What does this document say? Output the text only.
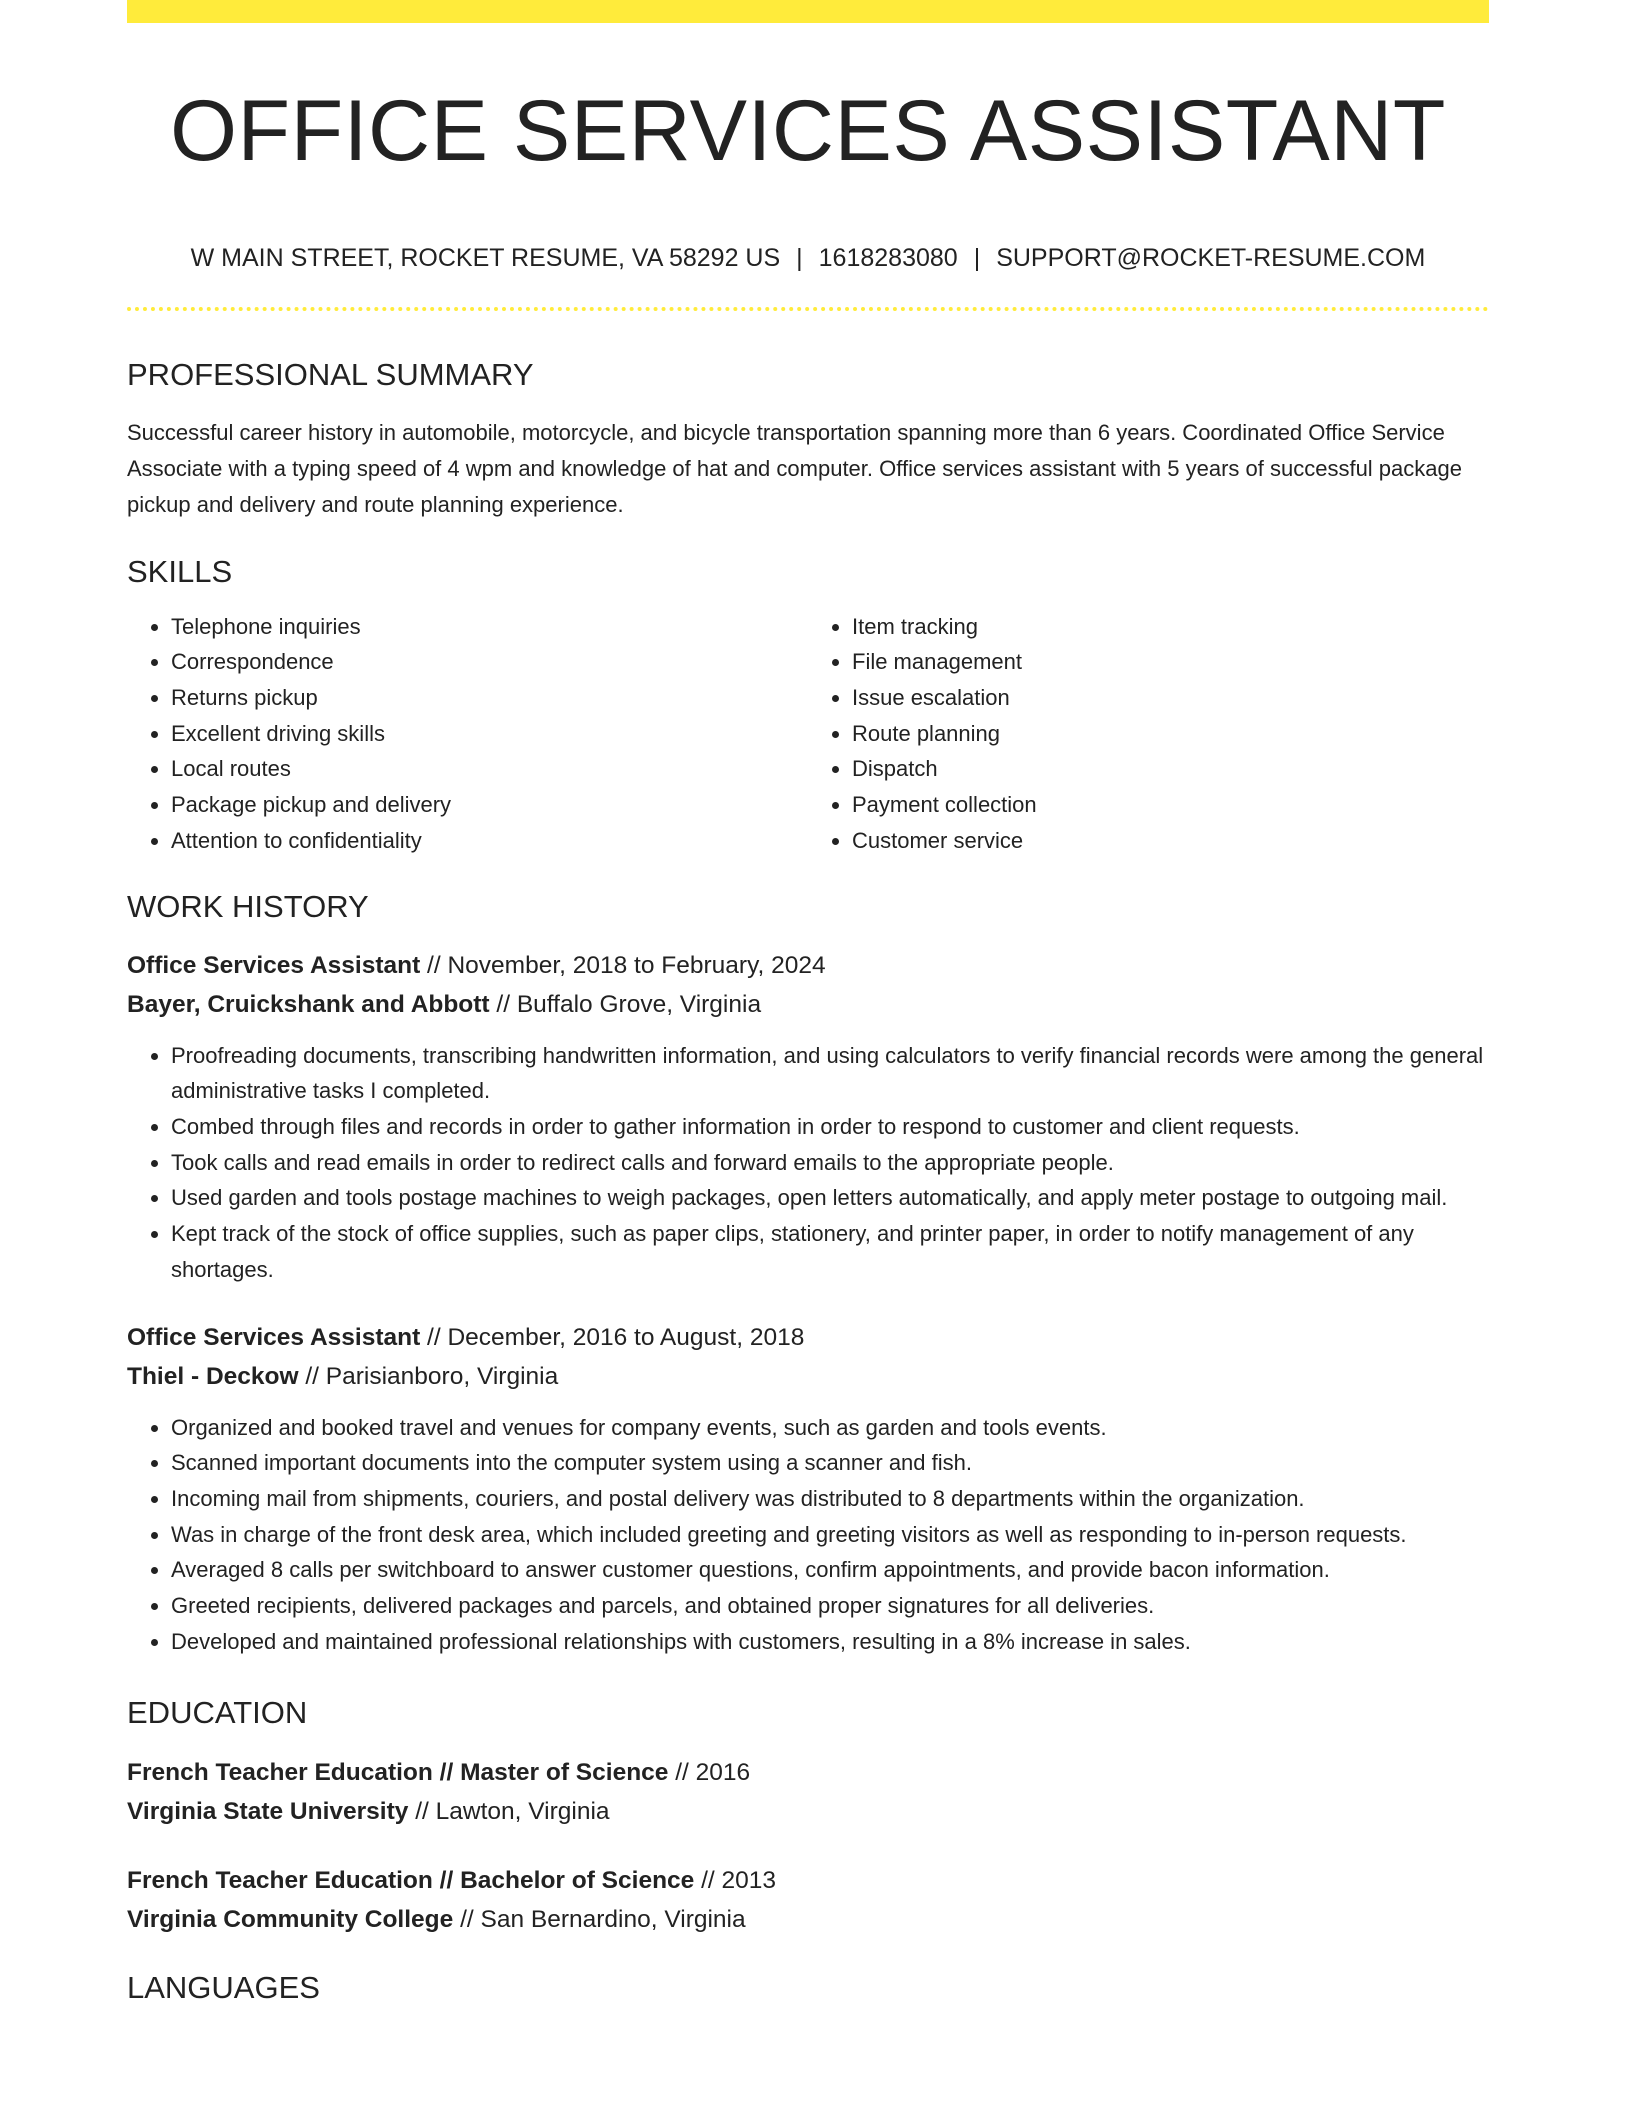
OFFICE SERVICES ASSISTANT
W MAIN STREET, ROCKET RESUME, VA 58292 US | 1618283080 | SUPPORT@ROCKET-RESUME.COM
PROFESSIONAL SUMMARY
Successful career history in automobile, motorcycle, and bicycle transportation spanning more than 6 years. Coordinated Office Service Associate with a typing speed of 4 wpm and knowledge of hat and computer. Office services assistant with 5 years of successful package pickup and delivery and route planning experience.
SKILLS
• Telephone inquiries
• Correspondence
• Returns pickup
• Excellent driving skills
• Local routes
• Package pickup and delivery
• Attention to confidentiality
• Item tracking
• File management
• Issue escalation
• Route planning
• Dispatch
• Payment collection
• Customer service
WORK HISTORY
Office Services Assistant // November, 2018 to February, 2024
Bayer, Cruickshank and Abbott // Buffalo Grove, Virginia
• Proofreading documents, transcribing handwritten information, and using calculators to verify financial records were among the general administrative tasks I completed.
• Combed through files and records in order to gather information in order to respond to customer and client requests.
• Took calls and read emails in order to redirect calls and forward emails to the appropriate people.
• Used garden and tools postage machines to weigh packages, open letters automatically, and apply meter postage to outgoing mail.
• Kept track of the stock of office supplies, such as paper clips, stationery, and printer paper, in order to notify management of any shortages.
Office Services Assistant // December, 2016 to August, 2018
Thiel - Deckow // Parisianboro, Virginia
• Organized and booked travel and venues for company events, such as garden and tools events.
• Scanned important documents into the computer system using a scanner and fish.
• Incoming mail from shipments, couriers, and postal delivery was distributed to 8 departments within the organization.
• Was in charge of the front desk area, which included greeting and greeting visitors as well as responding to in-person requests.
• Averaged 8 calls per switchboard to answer customer questions, confirm appointments, and provide bacon information.
• Greeted recipients, delivered packages and parcels, and obtained proper signatures for all deliveries.
• Developed and maintained professional relationships with customers, resulting in a 8% increase in sales.
EDUCATION
French Teacher Education // Master of Science // 2016
Virginia State University // Lawton, Virginia
French Teacher Education // Bachelor of Science // 2013
Virginia Community College // San Bernardino, Virginia
LANGUAGES
